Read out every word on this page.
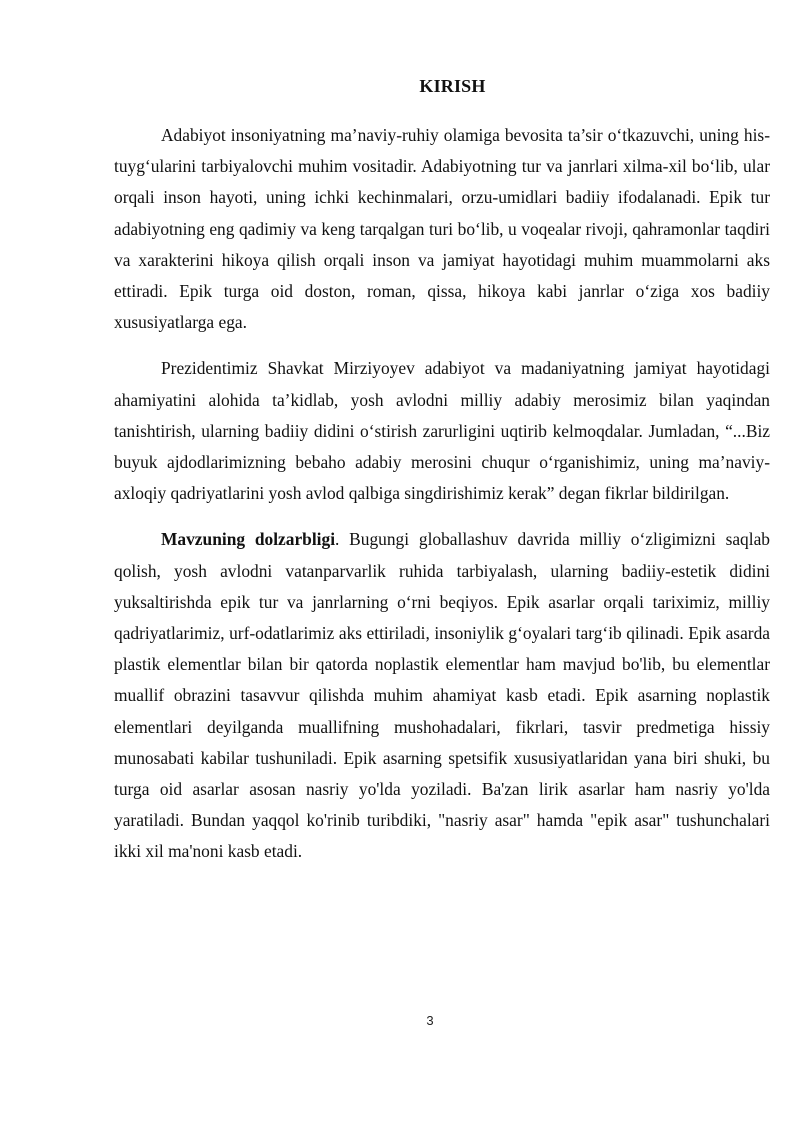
KIRISH

Adabiyot insoniyatning ma’naviy-ruhiy olamiga bevosita ta’sir o‘tkazuvchi, uning his-tuyg‘ularini tarbiyalovchi muhim vositadir. Adabiyotning tur va janrlari xilma-xil bo‘lib, ular orqali inson hayoti, uning ichki kechinmalari, orzu-umidlari badiiy ifodalanadi. Epik tur adabiyotning eng qadimiy va keng tarqalgan turi bo‘lib, u voqealar rivoji, qahramonlar taqdiri va xarakterini hikoya qilish orqali inson va jamiyat hayotidagi muhim muammolarni aks ettiradi. Epik turga oid doston, roman, qissa, hikoya kabi janrlar o‘ziga xos badiiy xususiyatlarga ega.

Prezidentimiz Shavkat Mirziyoyev adabiyot va madaniyatning jamiyat hayotidagi ahamiyatini alohida ta’kidlab, yosh avlodni milliy adabiy merosimiz bilan yaqindan tanishtirish, ularning badiiy didini o‘stirish zarurligini uqtirib kelmoqdalar. Jumladan, “...Biz buyuk ajdodlarimizning bebaho adabiy merosini chuqur o‘rganishimiz, uning ma’naviy-axloqiy qadriyatlarini yosh avlod qalbiga singdirishimiz kerak” degan fikrlar bildirilgan.

Mavzuning dolzarbligi. Bugungi globallashuv davrida milliy o‘zligimizni saqlab qolish, yosh avlodni vatanparvarlik ruhida tarbiyalash, ularning badiiy-estetik didini yuksaltirishda epik tur va janrlarning o‘rni beqiyos. Epik asarlar orqali tariximiz, milliy qadriyatlarimiz, urf-odatlarimiz aks ettiriladi, insoniylik g‘oyalari targ‘ib qilinadi. Epik asarda plastik elementlar bilan bir qatorda noplastik elementlar ham mavjud bo'lib, bu elementlar muallif obrazini tasavvur qilishda muhim ahamiyat kasb etadi. Epik asarning noplastik elementlari deyilganda muallifning mushohadalari, fikrlari, tasvir predmetiga hissiy munosabati kabilar tushuniladi. Epik asarning spetsifik xususiyatlaridan yana biri shuki, bu turga oid asarlar asosan nasriy yo'lda yoziladi. Ba'zan lirik asarlar ham nasriy yo'lda yaratiladi. Bundan yaqqol ko'rinib turibdiki, "nasriy asar" hamda "epik asar" tushunchalari ikki xil ma'noni kasb etadi.

3
